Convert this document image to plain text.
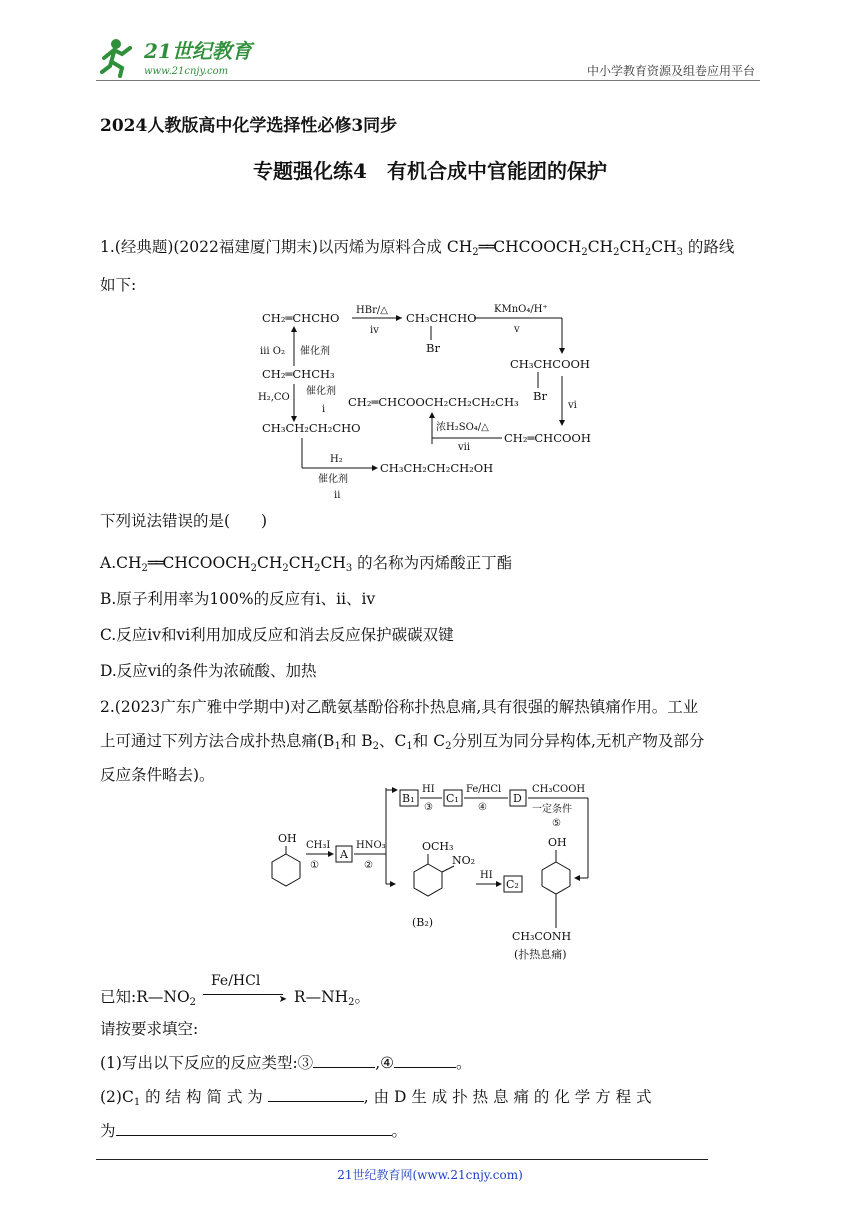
21世纪教育
www.21cnjy.com	中小学教育资源及组卷应用平台
2024人教版高中化学选择性必修3同步
专题强化练4　有机合成中官能团的保护
1.(经典题)(2022福建厦门期末)以丙烯为原料合成 $CH_2══CHCOOCH_2CH_2CH_2CH_3$ 的路线
如下:
CH₂═CHCHO
HBr/△
ⅳ
CH₃CHCHO
Br
KMnO₄/H⁺
ⅴ
CH₃CHCOOH
Br
ⅵ
ⅲ O₂ 催化剂
CH₂═CHCH₃
H₂,CO
催化剂
ⅰ
CH₂═CHCOOCH₂CH₂CH₂CH₃
CH₃CH₂CH₂CHO	浓H₂SO₄/△
ⅶ
CH₂═CHCOOH
H₂
催化剂
ⅱ
CH₃CH₂CH₂CH₂OH
下列说法错误的是(　　)
$A.CH_2══CHCOOCH_2CH_2CH_2CH_3$ 的名称为丙烯酸正丁酯
B.原子利用率为100%的反应有ⅰ、ⅱ、ⅳ
C.反应ⅳ和ⅵ利用加成反应和消去反应保护碳碳双键
D.反应ⅵ的条件为浓硫酸、加热
2.(2023广东广雅中学期中)对乙酰氨基酚俗称扑热息痛,具有很强的解热镇痛作用。工业
上可通过下列方法合成扑热息痛($B_1$和 $B_2$、$C_1$和 $C_2$分别互为同分异构体,无机产物及部分
反应条件略去)。
OH
CH₃I
①
A
HNO₃
②
B₁
HI
③
C₁
Fe/HCl
④
D
CH₃COOH
一定条件
⑤
OCH₃
NO₂
(B₂)
HI
C₂
OH
CH₃CONH
(扑热息痛)
已知$:R—NO_2$
Fe/HCl
➤ $R—NH_2$。
请按要求填空:
(1)写出以下反应的反应类型:③	,④	。
$(2)C_1$ 的 结 构 简 式 为	, 由 D 生 成 扑 热 息 痛 的 化 学 方 程 式
为	。
21世纪教育网(www.21cnjy.com)
